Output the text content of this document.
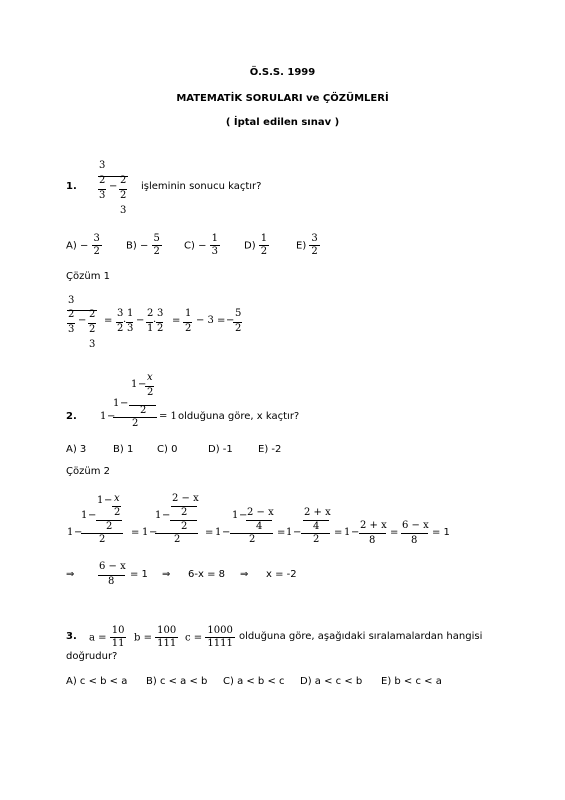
Ö.S.S. 1999
MATEMATİK SORULARI ve ÇÖZÜMLERİ
( İptal edilen sınav )
1.
3
2
3
−
2
2
3
işleminin sonucu kaçtır?
$A) - \frac{3}{2} B) - \frac{5}{2} C) - \frac{1}{3} D) \frac{1}{2}$	$E) \frac{3}{2}$
Çözüm 1
3
2
3
−
2
2
3
=
3 1
2 3
. −
2 3
1 2
. =
1
2
− 3 = −
5
2
2.
1 −
x
2
1 −
2
1 −
2
= 1 olduğuna göre, x kaçtır?
A) 3	B) 1 C) 0	D) -1	E) -2
Çözüm 2
1 − x
2
1 −
2
1 −
2
=
2 − x
2
1 −
2
1 −
2
=
1 − 2 − x
4
1 −
2
=
2 + x
4
1 −
2
= 1 −
2 + x
8
=
6 − x
8
= 1
⇒
6 − x
8
= 1 ⇒ 6-x = 8 ⇒ x = -2
3. $a = \frac{10}{11}$ $b = \frac{100}{111}$ $c = \frac{1000}{1111}$ olduğuna göre, aşağıdaki sıralamalardan hangisi
doğrudur?
A) c < b < a B) c < a < b C) a < b < c D) a < c < b E) b < c < a
